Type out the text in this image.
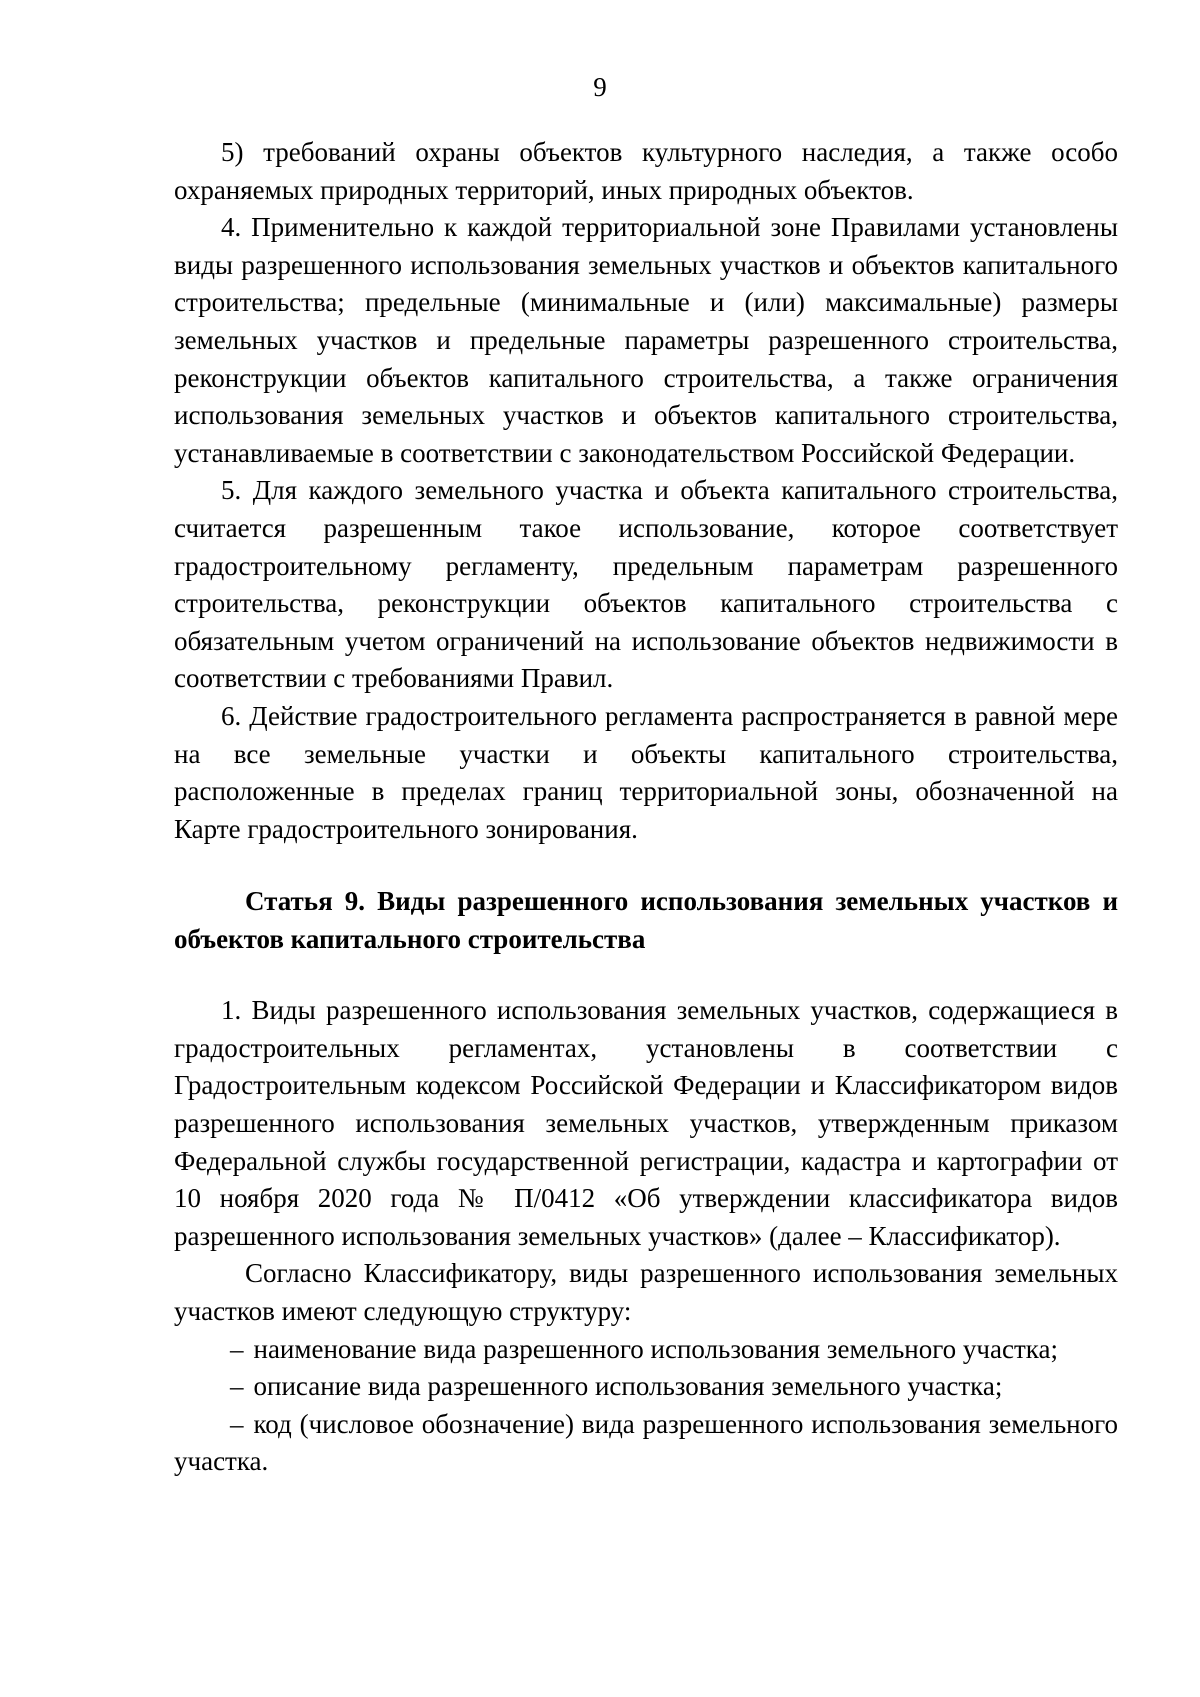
9

5) требований охраны объектов культурного наследия, а также особо охраняемых природных территорий, иных природных объектов.

4. Применительно к каждой территориальной зоне Правилами установлены виды разрешенного использования земельных участков и объектов капитального строительства; предельные (минимальные и (или) максимальные) размеры земельных участков и предельные параметры разрешенного строительства, реконструкции объектов капитального строительства, а также ограничения использования земельных участков и объектов капитального строительства, устанавливаемые в соответствии с законодательством Российской Федерации.

5. Для каждого земельного участка и объекта капитального строительства, считается разрешенным такое использование, которое соответствует градостроительному регламенту, предельным параметрам разрешенного строительства, реконструкции объектов капитального строительства с обязательным учетом ограничений на использование объектов недвижимости в соответствии с требованиями Правил.

6. Действие градостроительного регламента распространяется в равной мере на все земельные участки и объекты капитального строительства, расположенные в пределах границ территориальной зоны, обозначенной на Карте градостроительного зонирования.

Статья 9. Виды разрешенного использования земельных участков и объектов капитального строительства

1. Виды разрешенного использования земельных участков, содержащиеся в градостроительных регламентах, установлены в соответствии с Градостроительным кодексом Российской Федерации и Классификатором видов разрешенного использования земельных участков, утвержденным приказом Федеральной службы государственной регистрации, кадастра и картографии от 10 ноября 2020 года № П/0412 «Об утверждении классификатора видов разрешенного использования земельных участков» (далее – Классификатор).

Согласно Классификатору, виды разрешенного использования земельных участков имеют следующую структуру:

– наименование вида разрешенного использования земельного участка;

– описание вида разрешенного использования земельного участка;

– код (числовое обозначение) вида разрешенного использования земельного участка.
